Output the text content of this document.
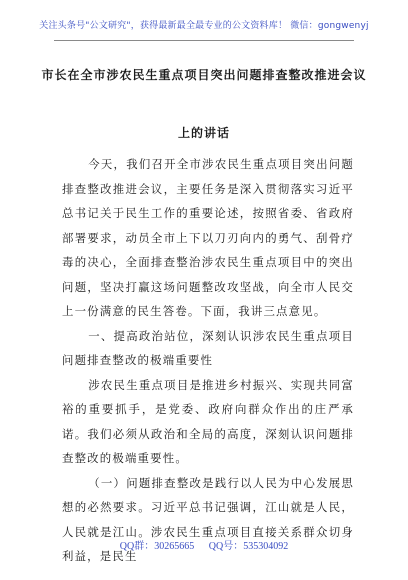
关注头条号"公文研究"，获得最新最全最专业的公文资料库！ 微信：gongwenyj
市长在全市涉农民生重点项目突出问题排查整改推进会议
上的讲话

今天，我们召开全市涉农民生重点项目突出问题排查整改推进会议，主要任务是深入贯彻落实习近平总书记关于民生工作的重要论述，按照省委、省政府部署要求，动员全市上下以刀刃向内的勇气、刮骨疗毒的决心，全面排查整治涉农民生重点项目中的突出问题，坚决打赢这场问题整改攻坚战，向全市人民交上一份满意的民生答卷。下面，我讲三点意见。

一、提高政治站位，深刻认识涉农民生重点项目问题排查整改的极端重要性

涉农民生重点项目是推进乡村振兴、实现共同富裕的重要抓手，是党委、政府向群众作出的庄严承诺。我们必须从政治和全局的高度，深刻认识问题排查整改的极端重要性。

（一）问题排查整改是践行以人民为中心发展思想的必然要求。习近平总书记强调，江山就是人民，人民就是江山。涉农民生重点项目直接关系群众切身利益，是民生

QQ群：30265665 QQ号：535304092
